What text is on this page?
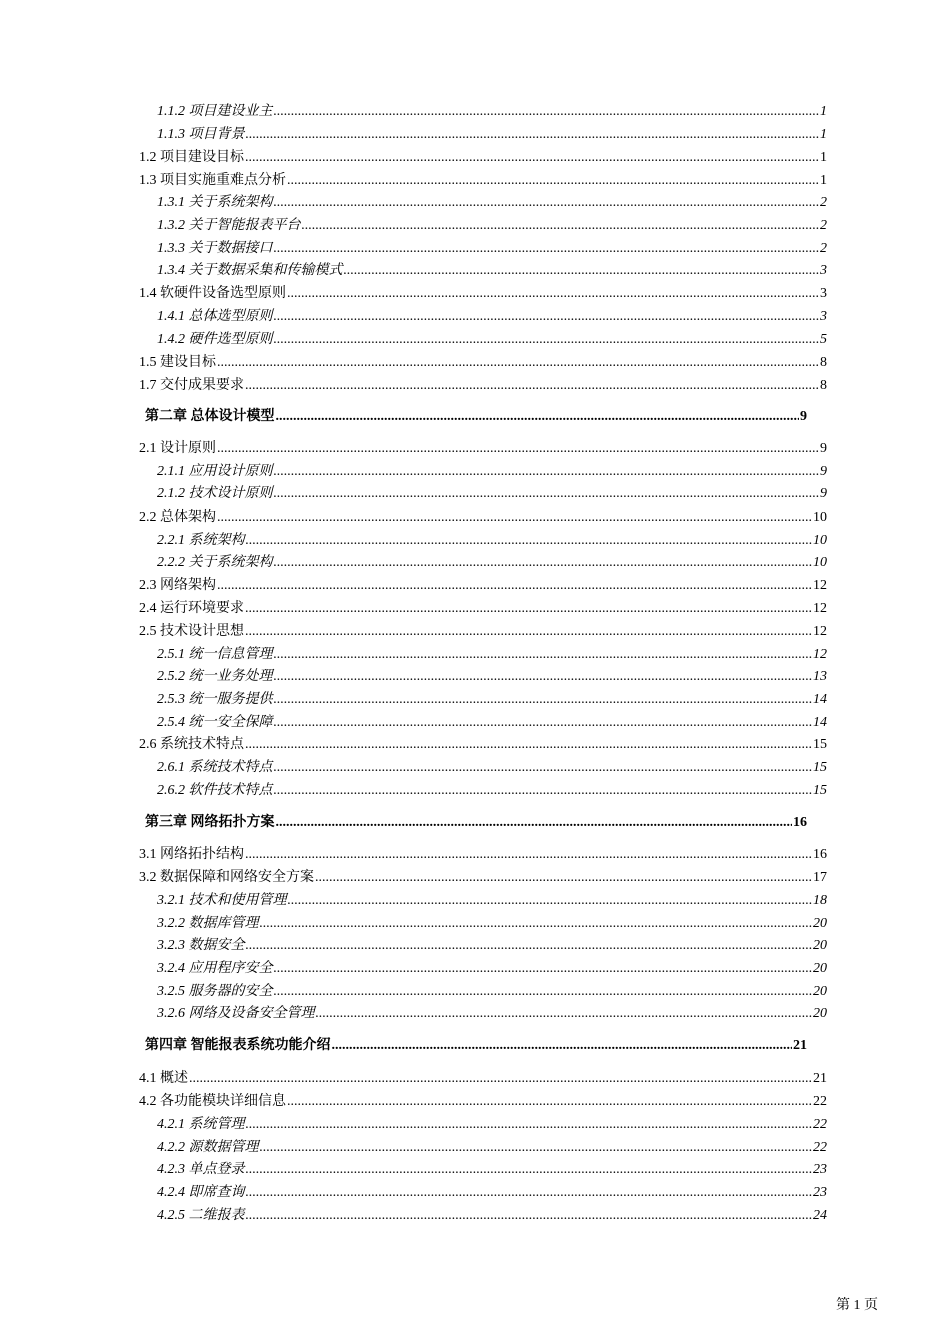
1.1.2 项目建设业主 .....	1
1.1.3 项目背景 .....	1
1.2 项目建设目标 .....	1
1.3 项目实施重难点分析 .....	1
1.3.1 关于系统架构 .....	2
1.3.2 关于智能报表平台 .....	2
1.3.3 关于数据接口 .....	2
1.3.4 关于数据采集和传输模式 .....	3
1.4 软硬件设备选型原则 .....	3
1.4.1 总体选型原则 .....	3
1.4.2 硬件选型原则 .....	5
1.5 建设目标 .....	8
1.7 交付成果要求 .....	8
第二章 总体设计模型 .....	9
2.1 设计原则 .....	9
2.1.1 应用设计原则 .....	9
2.1.2 技术设计原则 .....	9
2.2 总体架构 .....	10
2.2.1 系统架构 .....	10
2.2.2 关于系统架构 .....	10
2.3 网络架构 .....	12
2.4 运行环境要求 .....	12
2.5 技术设计思想 .....	12
2.5.1 统一信息管理 .....	12
2.5.2 统一业务处理 .....	13
2.5.3 统一服务提供 .....	14
2.5.4 统一安全保障 .....	14
2.6 系统技术特点 .....	15
2.6.1 系统技术特点 .....	15
2.6.2 软件技术特点 .....	15
第三章 网络拓扑方案 .....	16
3.1 网络拓扑结构 .....	16
3.2 数据保障和网络安全方案 .....	17
3.2.1 技术和使用管理 .....	18
3.2.2 数据库管理 .....	20
3.2.3 数据安全 .....	20
3.2.4 应用程序安全 .....	20
3.2.5 服务器的安全 .....	20
3.2.6 网络及设备安全管理 .....	20
第四章 智能报表系统功能介绍 .....	21
4.1 概述 .....	21
4.2 各功能模块详细信息 .....	22
4.2.1 系统管理 .....	22
4.2.2 源数据管理 .....	22
4.2.3 单点登录 .....	23
4.2.4 即席查询 .....	23
4.2.5 二维报表 .....	24
第 1 页
